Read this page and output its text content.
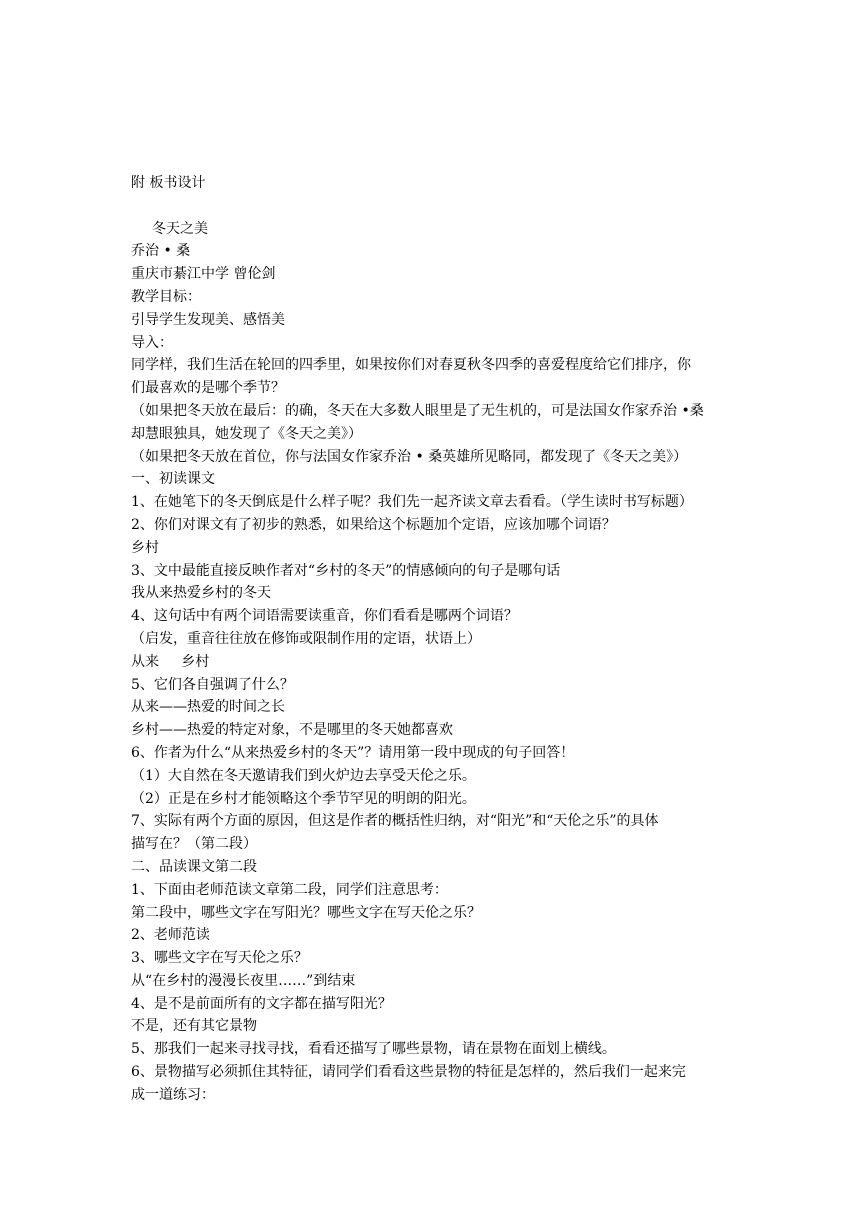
附 板书设计
冬天之美
乔治 • 桑
重庆市綦江中学 曾伦剑
教学目标：
引导学生发现美、感悟美
导入：
同学样，我们生活在轮回的四季里，如果按你们对春夏秋冬四季的喜爱程度给它们排序，你
们最喜欢的是哪个季节？
（如果把冬天放在最后：的确，冬天在大多数人眼里是了无生机的，可是法国女作家乔治 •桑
却慧眼独具，她发现了《冬天之美》）
（如果把冬天放在首位，你与法国女作家乔治 • 桑英雄所见略同，都发现了《冬天之美》）
一、初读课文
1、在她笔下的冬天倒底是什么样子呢？我们先一起齐读文章去看看。（学生读时书写标题）
2、你们对课文有了初步的熟悉，如果给这个标题加个定语，应该加哪个词语？
乡村
3、文中最能直接反映作者对“乡村的冬天”的情感倾向的句子是哪句话
我从来热爱乡村的冬天
4、这句话中有两个词语需要读重音，你们看看是哪两个词语？
（启发，重音往往放在修饰或限制作用的定语，状语上）
从来     乡村
5、它们各自强调了什么？
从来——热爱的时间之长
乡村——热爱的特定对象，不是哪里的冬天她都喜欢
6、作者为什么“从来热爱乡村的冬天”？请用第一段中现成的句子回答！
（1）大自然在冬天邀请我们到火炉边去享受天伦之乐。
（2）正是在乡村才能领略这个季节罕见的明朗的阳光。
7、实际有两个方面的原因，但这是作者的概括性归纳，对“阳光”和“天伦之乐”的具体
描写在？（第二段）
二、品读课文第二段
1、下面由老师范读文章第二段，同学们注意思考：
第二段中，哪些文字在写阳光？哪些文字在写天伦之乐？
2、老师范读
3、哪些文字在写天伦之乐？
从“在乡村的漫漫长夜里……”到结束
4、是不是前面所有的文字都在描写阳光？
不是，还有其它景物
5、那我们一起来寻找寻找，看看还描写了哪些景物，请在景物在面划上横线。
6、景物描写必须抓住其特征，请同学们看看这些景物的特征是怎样的，然后我们一起来完
成一道练习：
